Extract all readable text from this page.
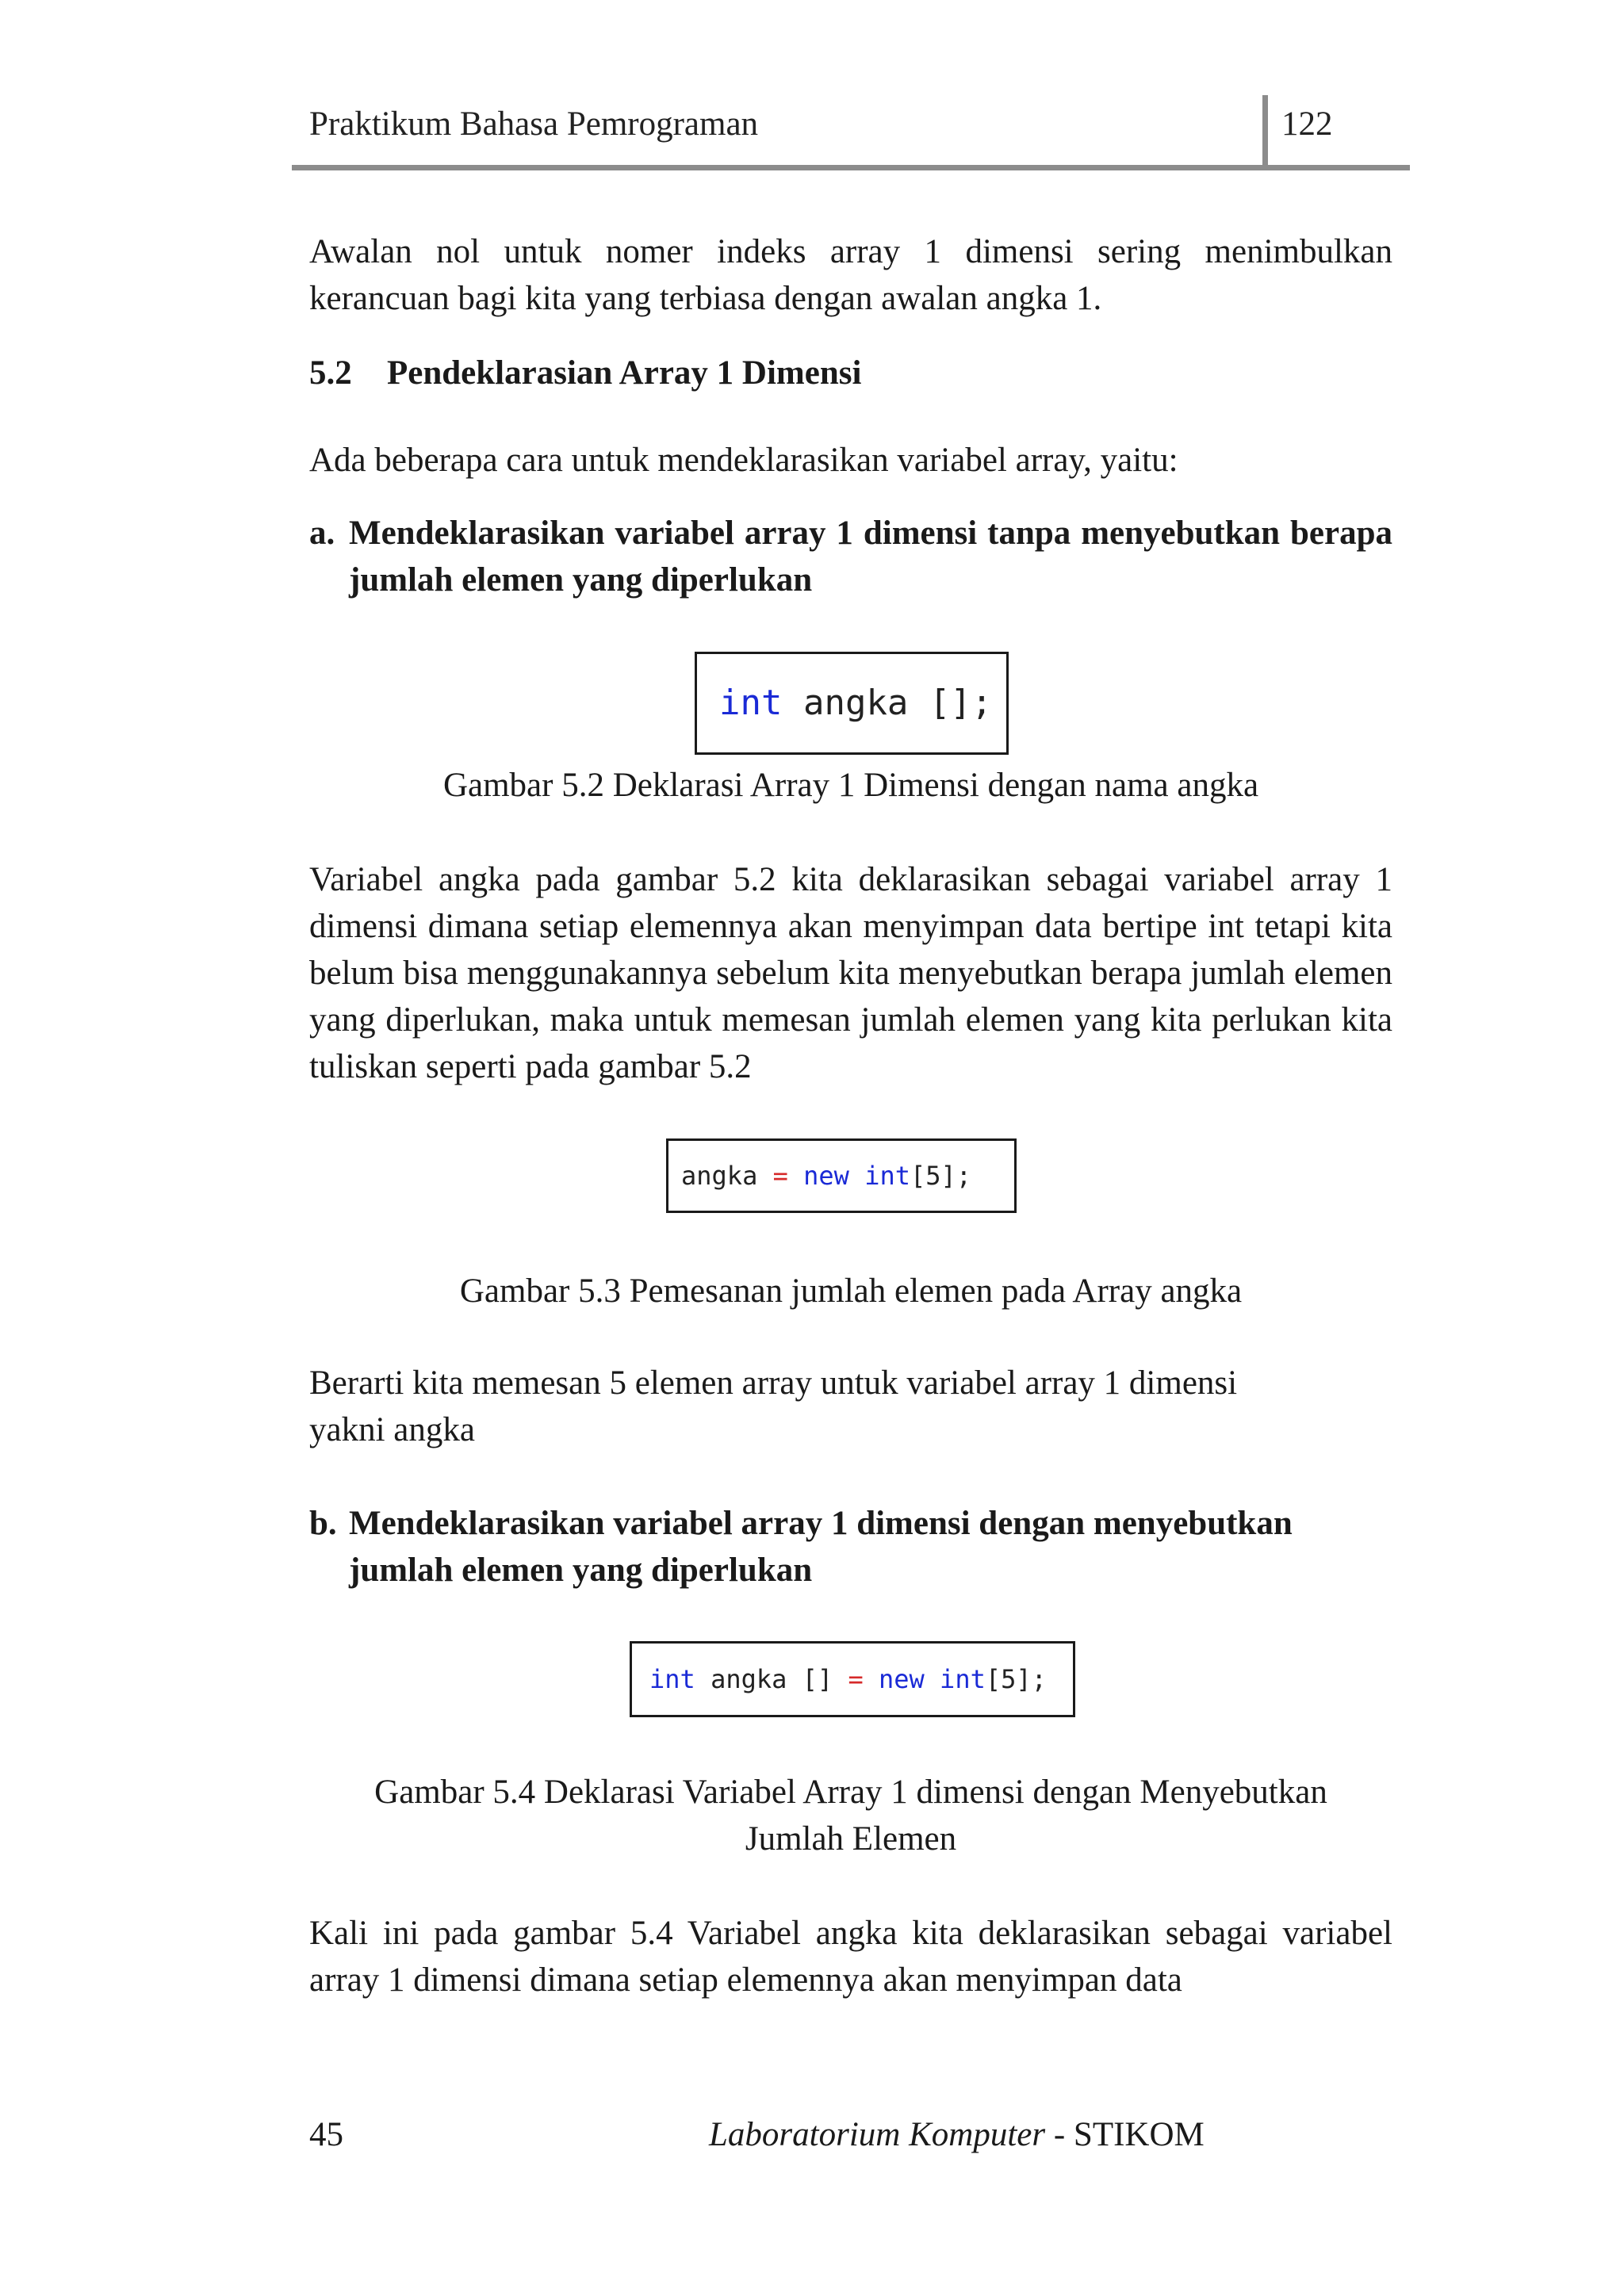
Praktikum Bahasa Pemrograman	122
Awalan nol untuk nomer indeks array 1 dimensi sering menimbulkan kerancuan bagi kita yang terbiasa dengan awalan angka 1.
5.2 Pendeklarasian Array 1 Dimensi
Ada beberapa cara untuk mendeklarasikan variabel array, yaitu:
a. Mendeklarasikan variabel array 1 dimensi tanpa menyebutkan berapa jumlah elemen yang diperlukan
int angka [];
Gambar 5.2 Deklarasi Array 1 Dimensi dengan nama angka
Variabel angka pada gambar 5.2 kita deklarasikan sebagai variabel array 1 dimensi dimana setiap elemennya akan menyimpan data bertipe int tetapi kita belum bisa menggunakannya sebelum kita menyebutkan berapa jumlah elemen yang diperlukan, maka untuk memesan jumlah elemen yang kita perlukan kita tuliskan seperti pada gambar 5.2
angka = new int[5];
Gambar 5.3 Pemesanan jumlah elemen pada Array angka
Berarti kita memesan 5 elemen array untuk variabel array 1 dimensi
yakni angka
b. Mendeklarasikan variabel array 1 dimensi dengan menyebutkan
jumlah elemen yang diperlukan
int angka [] = new int[5];
Gambar 5.4 Deklarasi Variabel Array 1 dimensi dengan Menyebutkan
Jumlah Elemen
Kali ini pada gambar 5.4 Variabel angka kita deklarasikan sebagai variabel array 1 dimensi dimana setiap elemennya akan menyimpan data
45	Laboratorium Komputer - STIKOM
